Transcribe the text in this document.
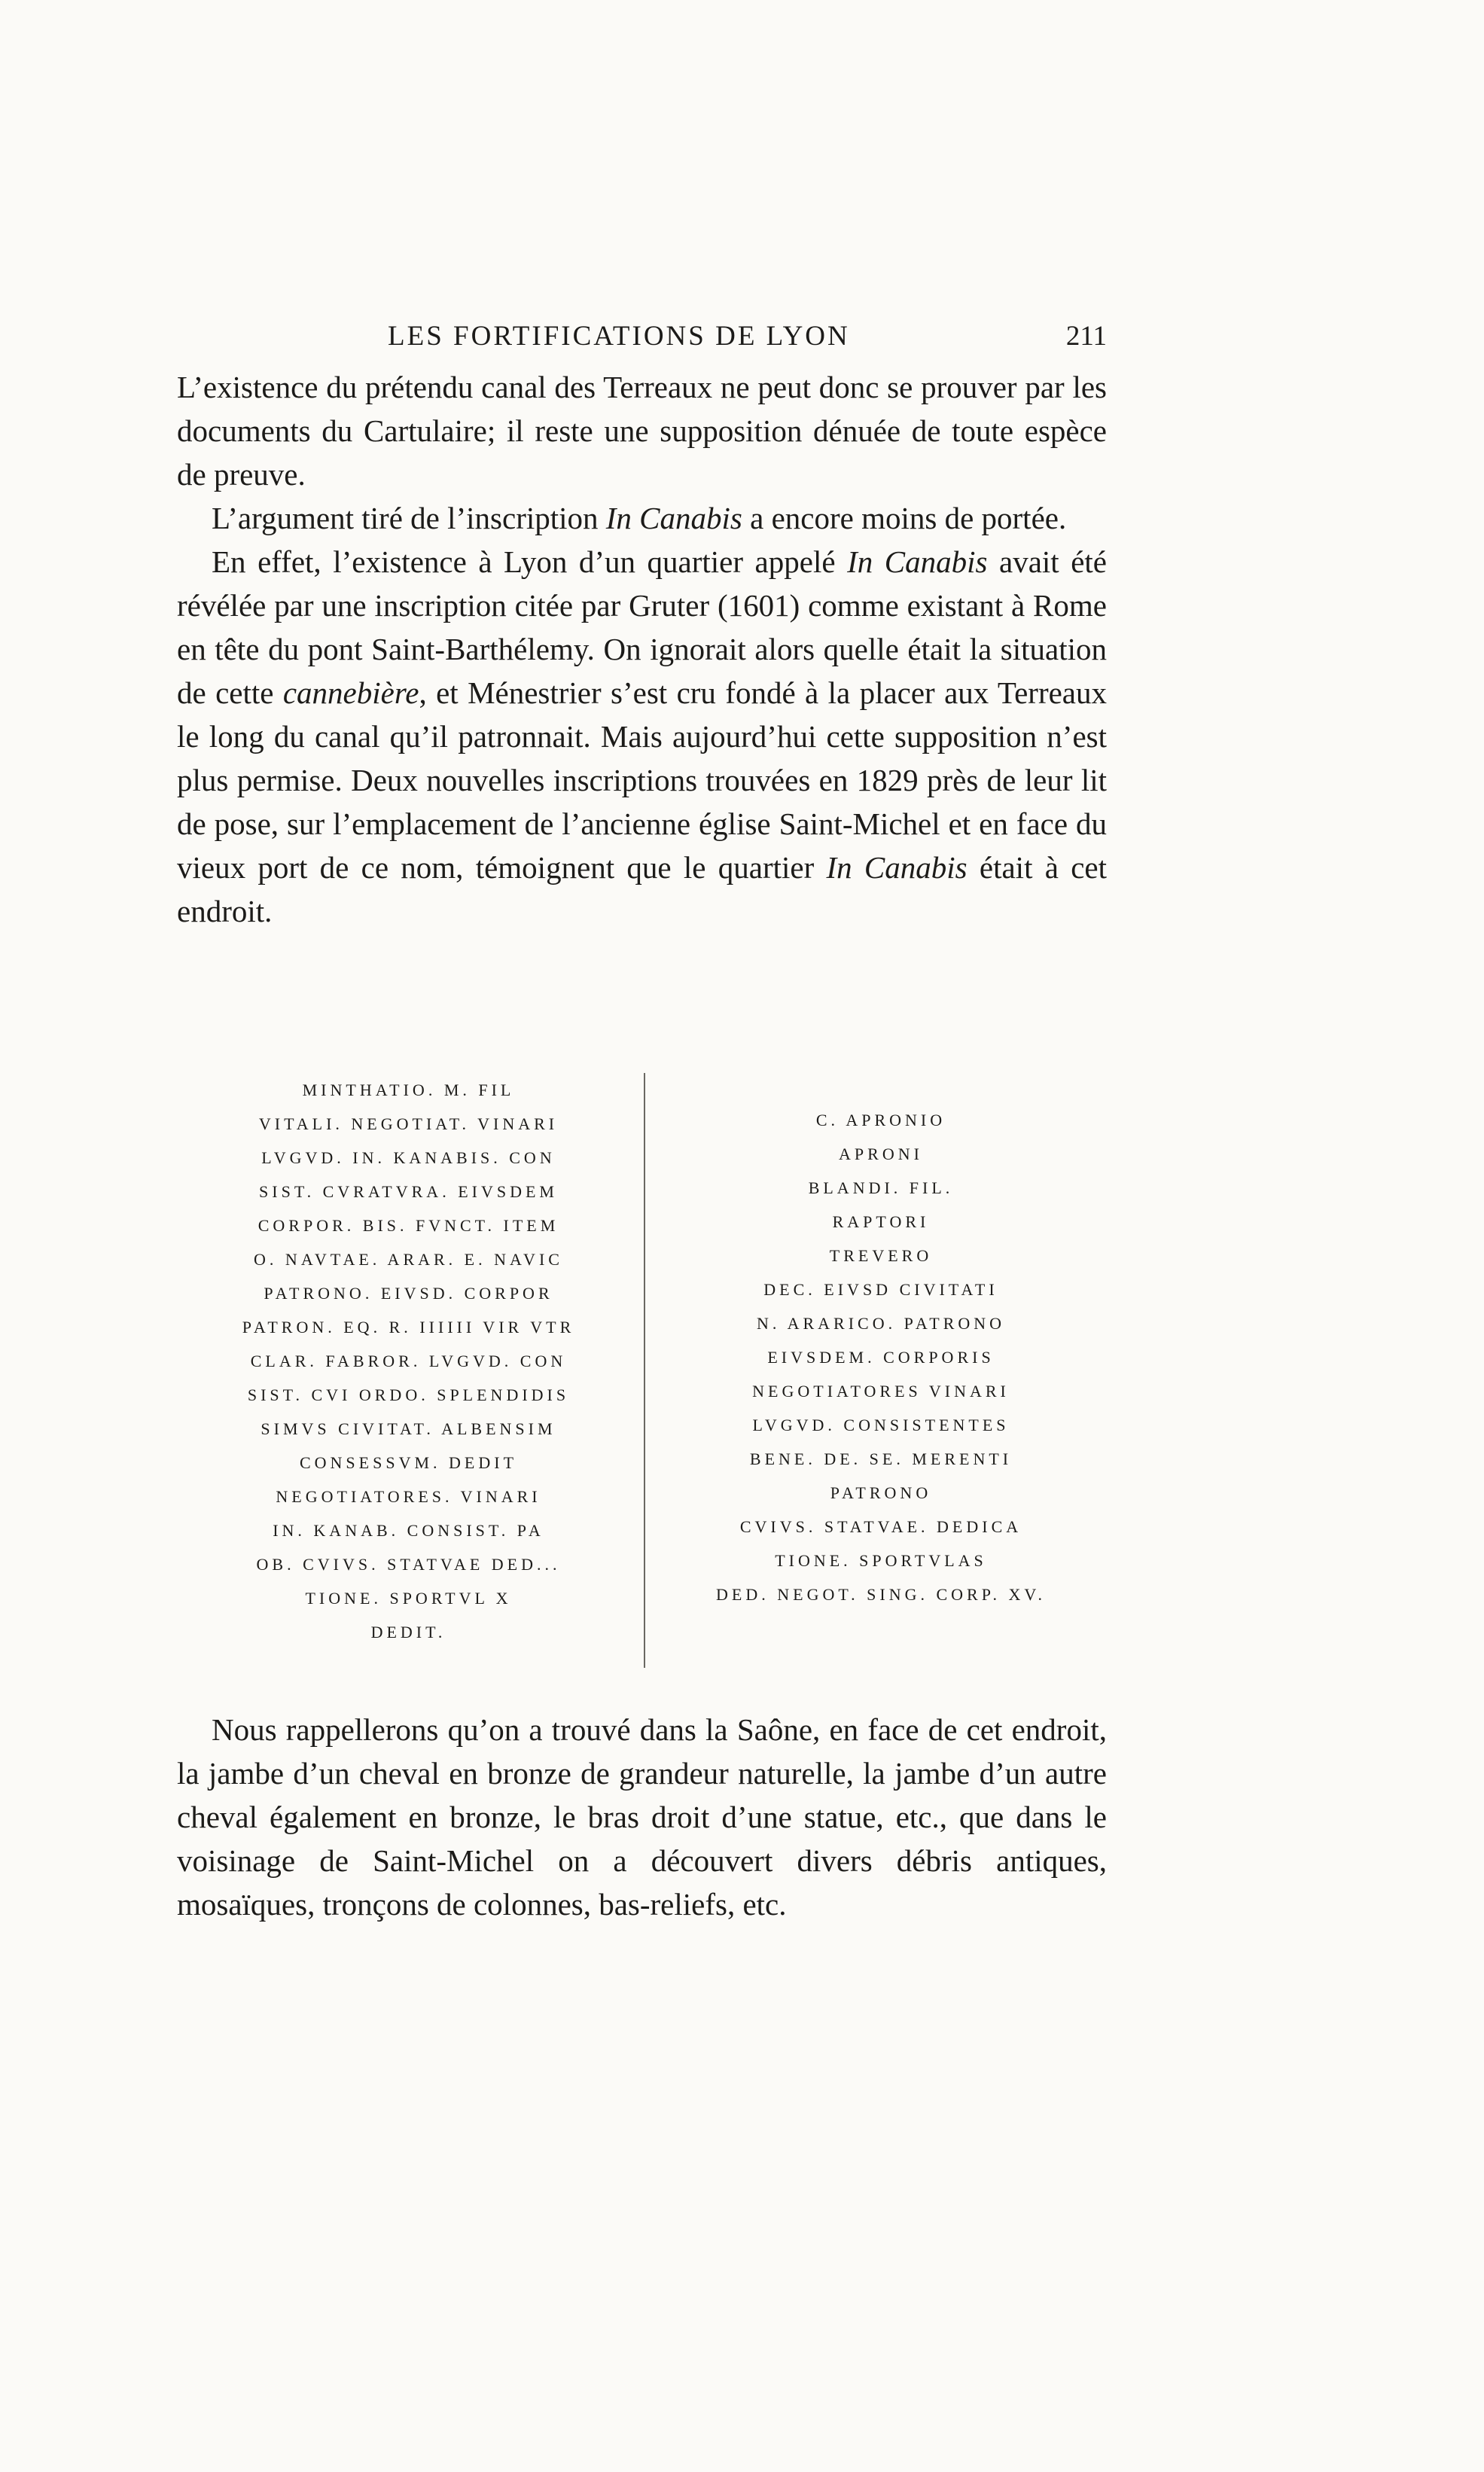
LES FORTIFICATIONS DE LYON	211

L’existence du prétendu canal des Terreaux ne peut donc se prouver par les documents du Cartulaire; il reste une supposition dénuée de toute espèce de preuve.

L’argument tiré de l’inscription In Canabis a encore moins de portée.

En effet, l’existence à Lyon d’un quartier appelé In Canabis avait été révélée par une inscription citée par Gruter (1601) comme existant à Rome en tête du pont Saint-Barthélemy. On ignorait alors quelle était la situation de cette cannebière, et Ménestrier s’est cru fondé à la placer aux Terreaux le long du canal qu’il patronnait. Mais aujourd’hui cette supposition n’est plus permise. Deux nouvelles inscriptions trouvées en 1829 près de leur lit de pose, sur l’emplacement de l’ancienne église Saint-Michel et en face du vieux port de ce nom, témoignent que le quartier In Canabis était à cet endroit.

MINTHATIO. M. FIL
VITALI. NEGOTIAT. VINARI
LVGVD. IN. KANABIS. CON
SIST. CVRATVRA. EIVSDEM
CORPOR. BIS. FVNCT. ITEM
O. NAVTAE. ARAR. E. NAVIC
PATRONO. EIVSD. CORPOR
PATRON. EQ. R. IIIIII VIR VTR
CLAR. FABROR. LVGVD. CON
SIST. CVI ORDO. SPLENDIDIS
SIMVS CIVITAT. ALBENSIM
CONSESSVM. DEDIT
NEGOTIATORES. VINARI
IN. KANAB. CONSIST. PA
OB. CVIVS. STATVAE DED...
TIONE. SPORTVL X
DEDIT.
C. APRONIO
APRONI
BLANDI. FIL.
RAPTORI
TREVERO
DEC. EIVSD CIVITATI
N. ARARICO. PATRONO
EIVSDEM. CORPORIS
NEGOTIATORES VINARI
LVGVD. CONSISTENTES
BENE. DE. SE. MERENTI
PATRONO
CVIVS. STATVAE. DEDICA
TIONE. SPORTVLAS
DED. NEGOT. SING. CORP. XV.

Nous rappellerons qu’on a trouvé dans la Saône, en face de cet endroit, la jambe d’un cheval en bronze de grandeur naturelle, la jambe d’un autre cheval également en bronze, le bras droit d’une statue, etc., que dans le voisinage de Saint-Michel on a découvert divers débris antiques, mosaïques, tronçons de colonnes, bas-reliefs, etc.
